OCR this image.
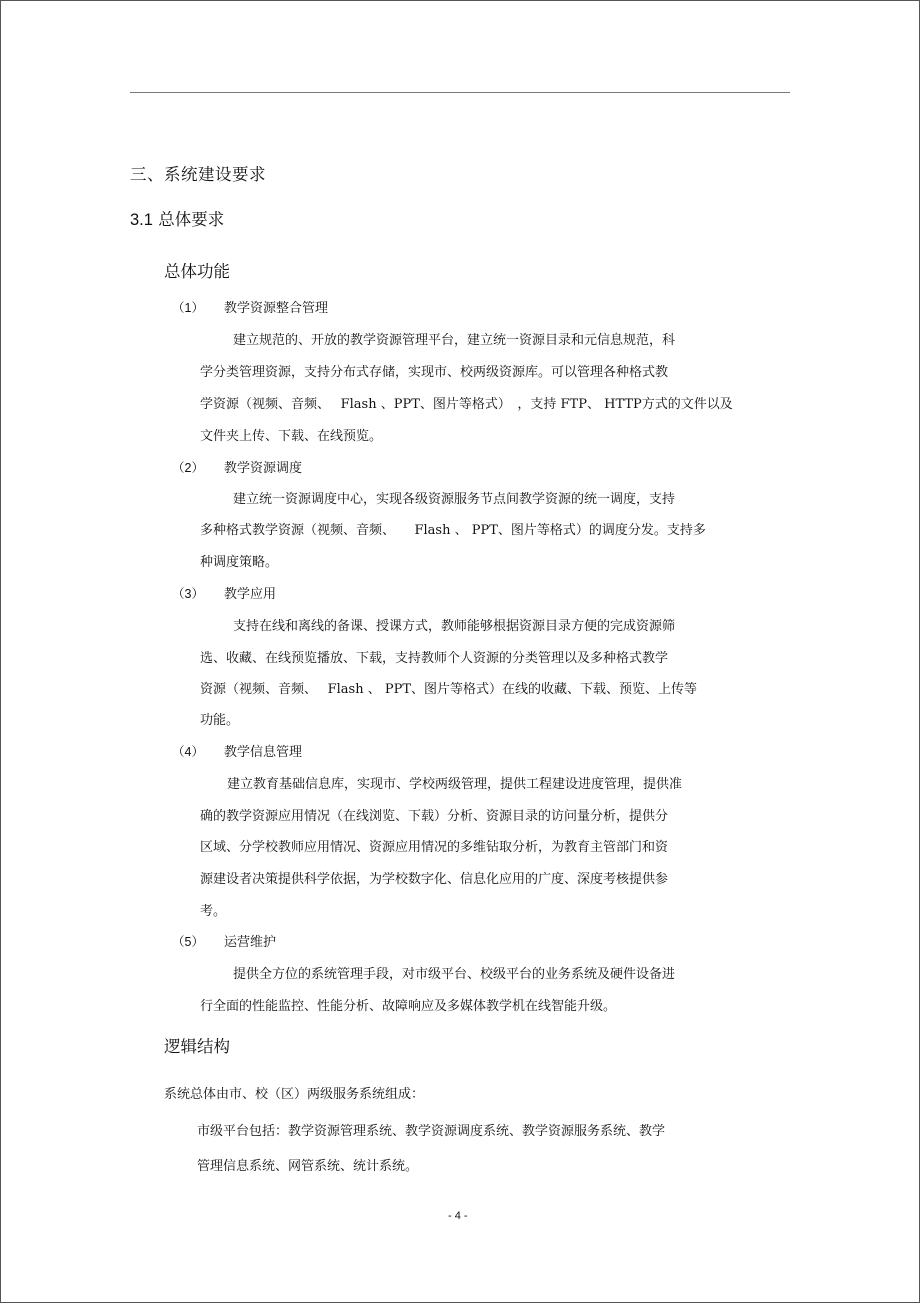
三、系统建设要求
3.1 总体要求
总体功能
（1） 教学资源整合管理
建立规范的、开放的教学资源管理平台，建立统一资源目录和元信息规范，科
学分类管理资源，支持分布式存储，实现市、校两级资源库。可以管理各种格式教
学资源（视频、音频、　 Flash 、PPT、图片等格式）　，支持 FTP、 HTTP方式的文件以及
文件夹上传、下载、在线预览。
（2） 教学资源调度
建立统一资源调度中心，实现各级资源服务节点间教学资源的统一调度，支持
多种格式教学资源（视频、音频、　　Flash 、 PPT、图片等格式）的调度分发。支持多
种调度策略。
（3） 教学应用
支持在线和离线的备课、授课方式，教师能够根据资源目录方便的完成资源筛
选、收藏、在线预览播放、下载，支持教师个人资源的分类管理以及多种格式教学
资源（视频、音频、　 Flash 、 PPT、图片等格式）在线的收藏、下载、预览、上传等
功能。
（4） 教学信息管理
建立教育基础信息库，实现市、学校两级管理，提供工程建设进度管理，提供准
确的教学资源应用情况（在线浏览、下载）分析、资源目录的访问量分析，提供分
区域、分学校教师应用情况、资源应用情况的多维钻取分析，为教育主管部门和资
源建设者决策提供科学依据，为学校数字化、信息化应用的广度、深度考核提供参
考。
（5） 运营维护
提供全方位的系统管理手段，对市级平台、校级平台的业务系统及硬件设备进
行全面的性能监控、性能分析、故障响应及多媒体教学机在线智能升级。
逻辑结构
系统总体由市、校（区）两级服务系统组成：
市级平台包括：教学资源管理系统、教学资源调度系统、教学资源服务系统、教学
管理信息系统、网管系统、统计系统。
- 4 -
